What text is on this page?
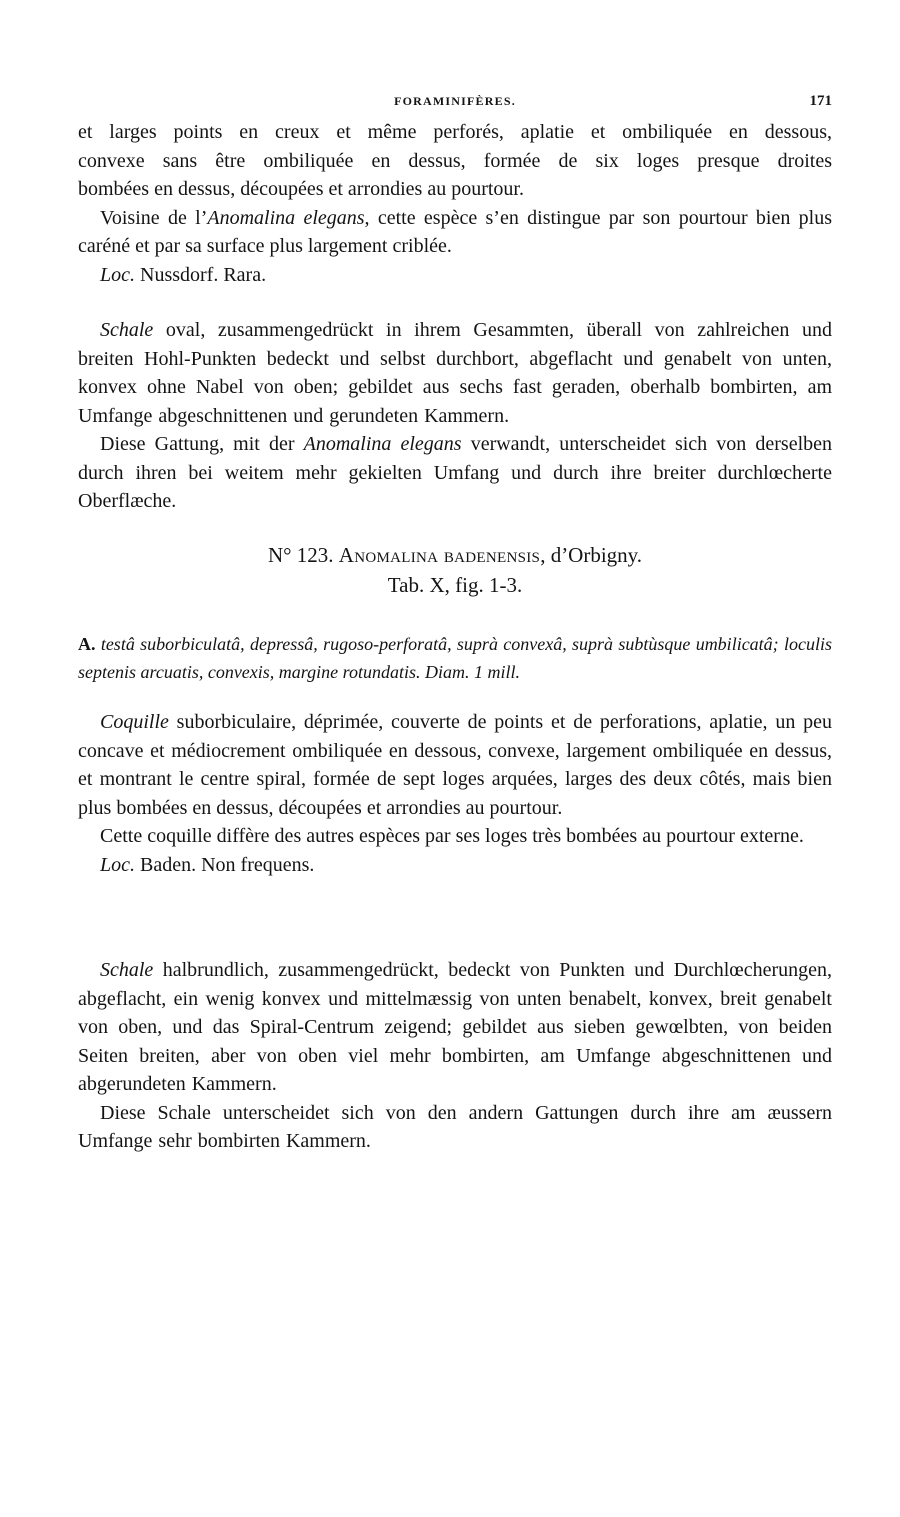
FORAMINIFÈRES.	171

et larges points en creux et même perforés, aplatie et ombiliquée en dessous,

convexe sans être ombiliquée en dessus, formée de six loges presque droites

bombées en dessus, découpées et arrondies au pourtour.

Voisine de l’Anomalina elegans, cette espèce s’en distingue par son pourtour bien plus caréné et par sa surface plus largement criblée.

Loc. Nussdorf. Rara.

Schale oval, zusammengedrückt in ihrem Gesammten, überall von zahlreichen und breiten Hohl-Punkten bedeckt und selbst durchbort, abgeflacht und genabelt von unten, konvex ohne Nabel von oben; gebildet aus sechs fast geraden, oberhalb bombirten, am Umfange abgeschnittenen und gerundeten Kammern.

Diese Gattung, mit der Anomalina elegans verwandt, unterscheidet sich von derselben durch ihren bei weitem mehr gekielten Umfang und durch ihre breiter durchlœcherte Oberflæche.

N° 123. Anomalina badenensis, d’Orbigny.

Tab. X, fig. 1-3.

A. testâ suborbiculatâ, depressâ, rugoso-perforatâ, suprà convexâ, suprà subtùsque umbilicatâ; loculis septenis arcuatis, convexis, margine rotundatis. Diam. 1 mill.

Coquille suborbiculaire, déprimée, couverte de points et de perforations, aplatie, un peu concave et médiocrement ombiliquée en dessous, convexe, largement ombiliquée en dessus, et montrant le centre spiral, formée de sept loges arquées, larges des deux côtés, mais bien plus bombées en dessus, découpées et arrondies au pourtour.

Cette coquille diffère des autres espèces par ses loges très bombées au pourtour externe.

Loc. Baden. Non frequens.

Schale halbrundlich, zusammengedrückt, bedeckt von Punkten und Durchlœcherungen, abgeflacht, ein wenig konvex und mittelmæssig von unten benabelt, konvex, breit genabelt von oben, und das Spiral-Centrum zeigend; gebildet aus sieben gewœlbten, von beiden Seiten breiten, aber von oben viel mehr bombirten, am Umfange abgeschnittenen und abgerundeten Kammern.

Diese Schale unterscheidet sich von den andern Gattungen durch ihre am æussern Umfange sehr bombirten Kammern.
